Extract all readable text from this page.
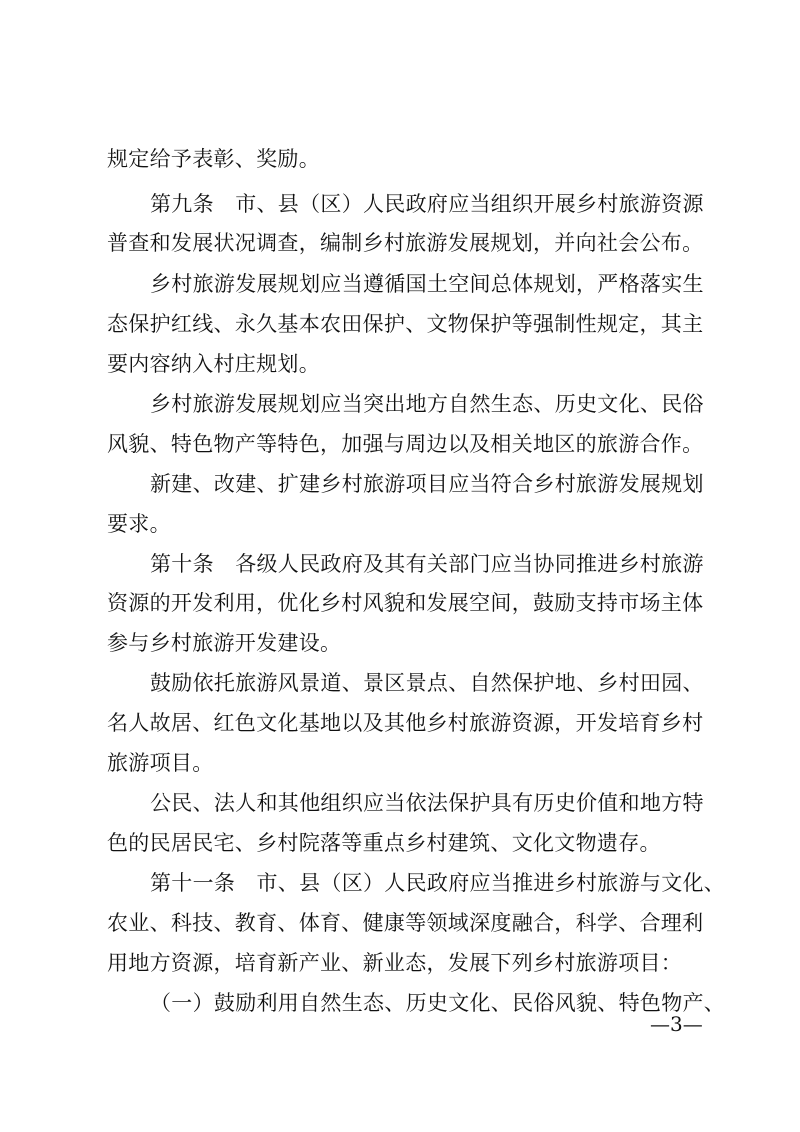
规定给予表彰、奖励。
第九条　市、县（区）人民政府应当组织开展乡村旅游资源
普查和发展状况调查，编制乡村旅游发展规划，并向社会公布。
乡村旅游发展规划应当遵循国土空间总体规划，严格落实生
态保护红线、永久基本农田保护、文物保护等强制性规定，其主
要内容纳入村庄规划。
乡村旅游发展规划应当突出地方自然生态、历史文化、民俗
风貌、特色物产等特色，加强与周边以及相关地区的旅游合作。
新建、改建、扩建乡村旅游项目应当符合乡村旅游发展规划
要求。
第十条　各级人民政府及其有关部门应当协同推进乡村旅游
资源的开发利用，优化乡村风貌和发展空间，鼓励支持市场主体
参与乡村旅游开发建设。
鼓励依托旅游风景道、景区景点、自然保护地、乡村田园、
名人故居、红色文化基地以及其他乡村旅游资源，开发培育乡村
旅游项目。
公民、法人和其他组织应当依法保护具有历史价值和地方特
色的民居民宅、乡村院落等重点乡村建筑、文化文物遗存。
第十一条　市、县（区）人民政府应当推进乡村旅游与文化、
农业、科技、教育、体育、健康等领域深度融合，科学、合理利
用地方资源，培育新产业、新业态，发展下列乡村旅游项目：
（一）鼓励利用自然生态、历史文化、民俗风貌、特色物产、
—3—
